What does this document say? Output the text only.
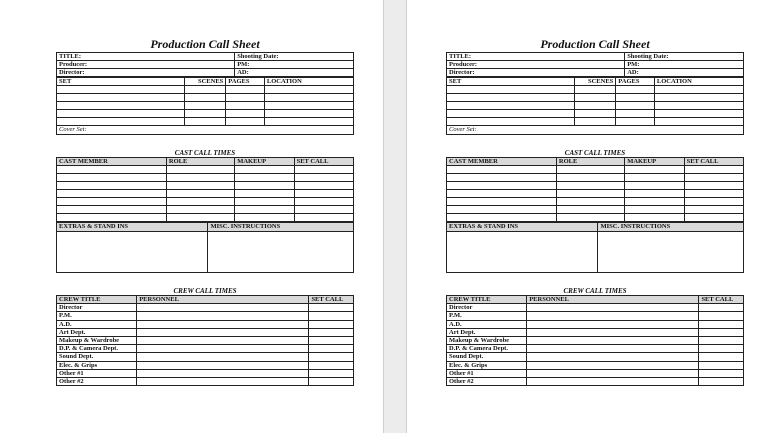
Production Call Sheet
TITLE:	Shooting Date:
Producer:	PM:
Director:	AD:
SET	SCENES	PAGES	LOCATION

Cover Set:			
CAST CALL TIMES
CAST MEMBER	ROLE	MAKEUP	SET CALL

EXTRAS & STAND INS	MISC. INSTRUCTIONS

CREW CALL TIMES
CREW TITLE	PERSONNEL	SET CALL
Director		
P.M.		
A.D.		
Art Dept.		
Makeup & Wardrobe		
D.P. & Camera Dept.		
Sound Dept.		
Elec. & Grips		
Other #1		
Other #2		
Production Call Sheet
TITLE:	Shooting Date:
Producer:	PM:
Director:	AD:
SET	SCENES	PAGES	LOCATION

Cover Set:			
CAST CALL TIMES
CAST MEMBER	ROLE	MAKEUP	SET CALL

EXTRAS & STAND INS	MISC. INSTRUCTIONS

CREW CALL TIMES
CREW TITLE	PERSONNEL	SET CALL
Director		
P.M.		
A.D.		
Art Dept.		
Makeup & Wardrobe		
D.P. & Camera Dept.		
Sound Dept.		
Elec. & Grips		
Other #1		
Other #2		
